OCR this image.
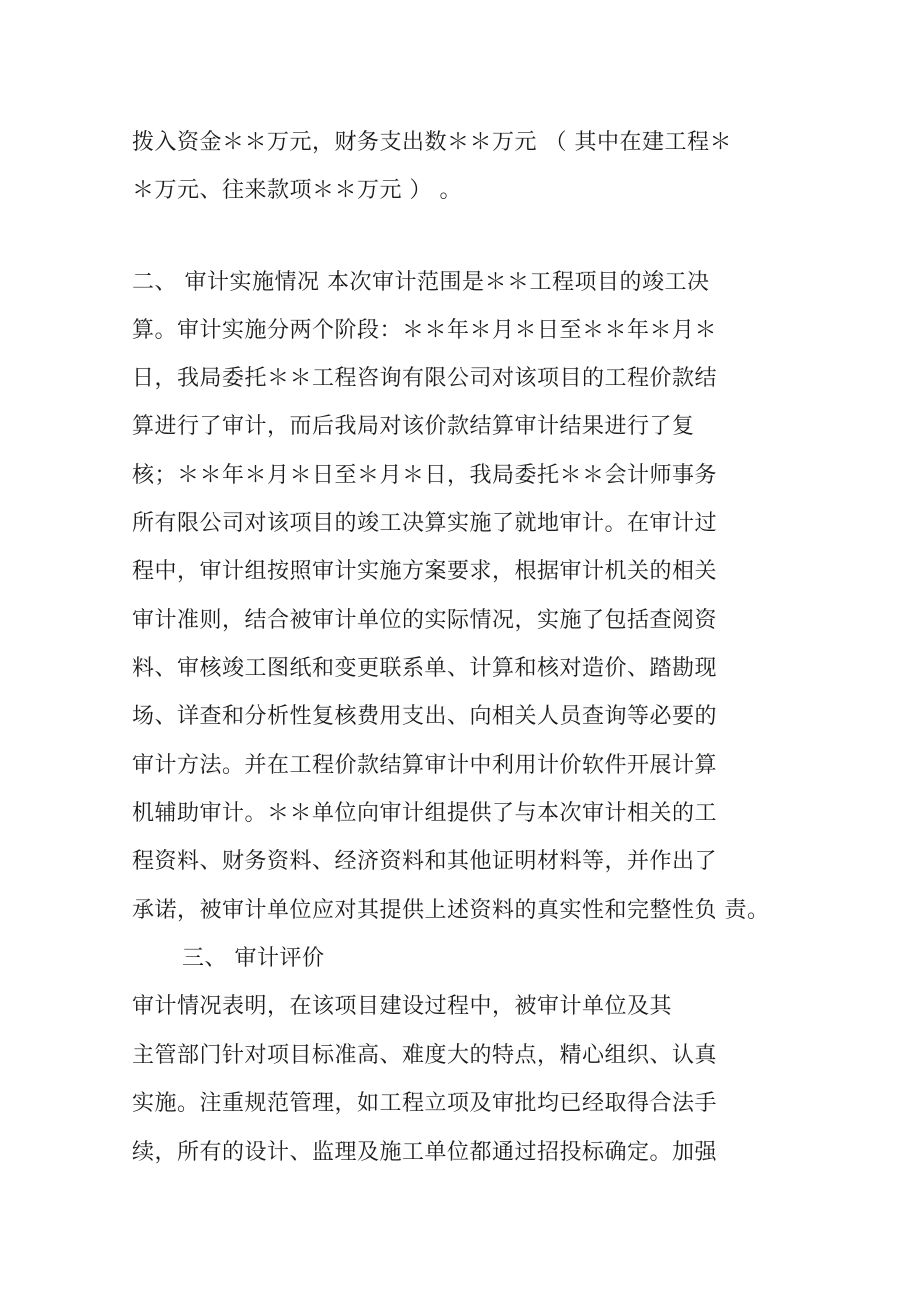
拨入资金＊＊万元，财务支出数＊＊万元 （ 其中在建工程＊
＊万元、往来款项＊＊万元 ） 。
二、 审计实施情况 本次审计范围是＊＊工程项目的竣工决
算。审计实施分两个阶段：＊＊年＊月＊日至＊＊年＊月＊
日，我局委托＊＊工程咨询有限公司对该项目的工程价款结
算进行了审计，而后我局对该价款结算审计结果进行了复
核；＊＊年＊月＊日至＊月＊日，我局委托＊＊会计师事务
所有限公司对该项目的竣工决算实施了就地审计。在审计过
程中，审计组按照审计实施方案要求，根据审计机关的相关
审计准则，结合被审计单位的实际情况，实施了包括查阅资
料、审核竣工图纸和变更联系单、计算和核对造价、踏勘现
场、详查和分析性复核费用支出、向相关人员查询等必要的
审计方法。并在工程价款结算审计中利用计价软件开展计算
机辅助审计。＊＊单位向审计组提供了与本次审计相关的工
程资料、财务资料、经济资料和其他证明材料等，并作出了
承诺，被审计单位应对其提供上述资料的真实性和完整性负 责。
三、 审计评价
审计情况表明，在该项目建设过程中，被审计单位及其
主管部门针对项目标准高、难度大的特点，精心组织、认真
实施。注重规范管理，如工程立项及审批均已经取得合法手
续，所有的设计、监理及施工单位都通过招投标确定。加强
